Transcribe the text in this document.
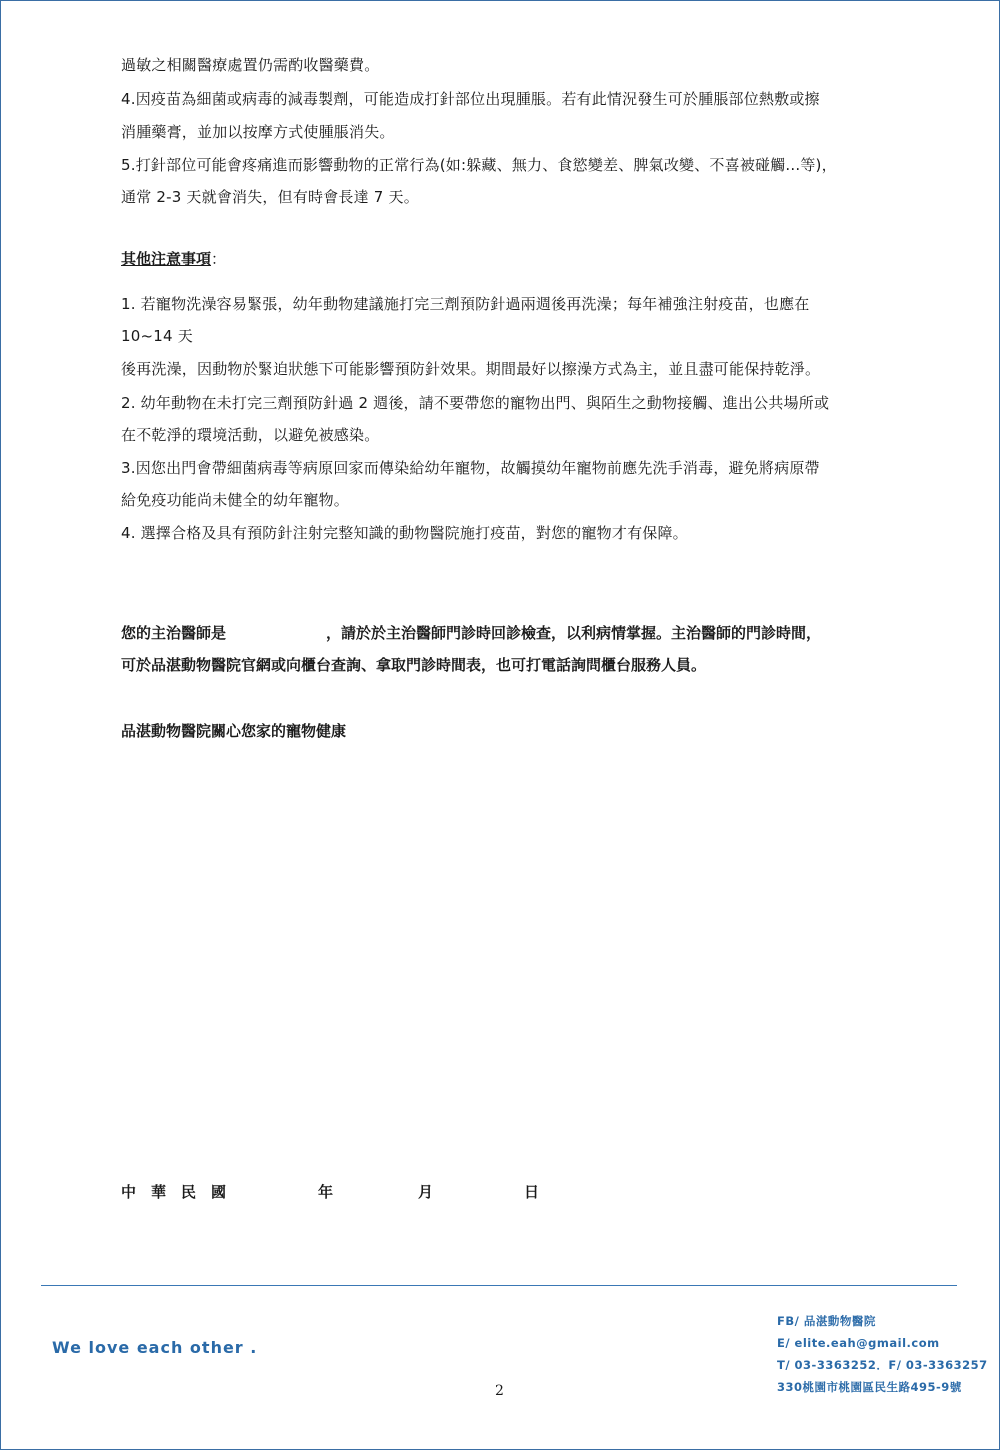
過敏之相關醫療處置仍需酌收醫藥費。
4.因疫苗為細菌或病毒的減毒製劑，可能造成打針部位出現腫脹。若有此情況發生可於腫脹部位熱敷或擦
消腫藥膏，並加以按摩方式使腫脹消失。
5.打針部位可能會疼痛進而影響動物的正常行為(如:躲藏、無力、食慾變差、脾氣改變、不喜被碰觸...等)，
通常 2-3 天就會消失，但有時會長達 7 天。
其他注意事項：
1. 若寵物洗澡容易緊張，幼年動物建議施打完三劑預防針過兩週後再洗澡；每年補強注射疫苗，也應在
10~14 天
後再洗澡，因動物於緊迫狀態下可能影響預防針效果。期間最好以擦澡方式為主，並且盡可能保持乾淨。
2. 幼年動物在未打完三劑預防針過 2 週後，請不要帶您的寵物出門、與陌生之動物接觸、進出公共場所或
在不乾淨的環境活動，以避免被感染。
3.因您出門會帶細菌病毒等病原回家而傳染給幼年寵物，故觸摸幼年寵物前應先洗手消毒，避免將病原帶
給免疫功能尚未健全的幼年寵物。
4. 選擇合格及具有預防針注射完整知識的動物醫院施打疫苗，對您的寵物才有保障。
您的主治醫師是	，請於於主治醫師門診時回診檢查，以利病情掌握。主治醫師的門診時間，
可於品湛動物醫院官網或向櫃台查詢、拿取門診時間表，也可打電話詢問櫃台服務人員。
品湛動物醫院關心您家的寵物健康
中　華　民　國	年	月	日
We love each other .
2
FB/ 品湛動物醫院
E/ elite.eah@gmail.com
T/ 03-3363252．F/ 03-3363257
330桃園市桃園區民生路495-9號
